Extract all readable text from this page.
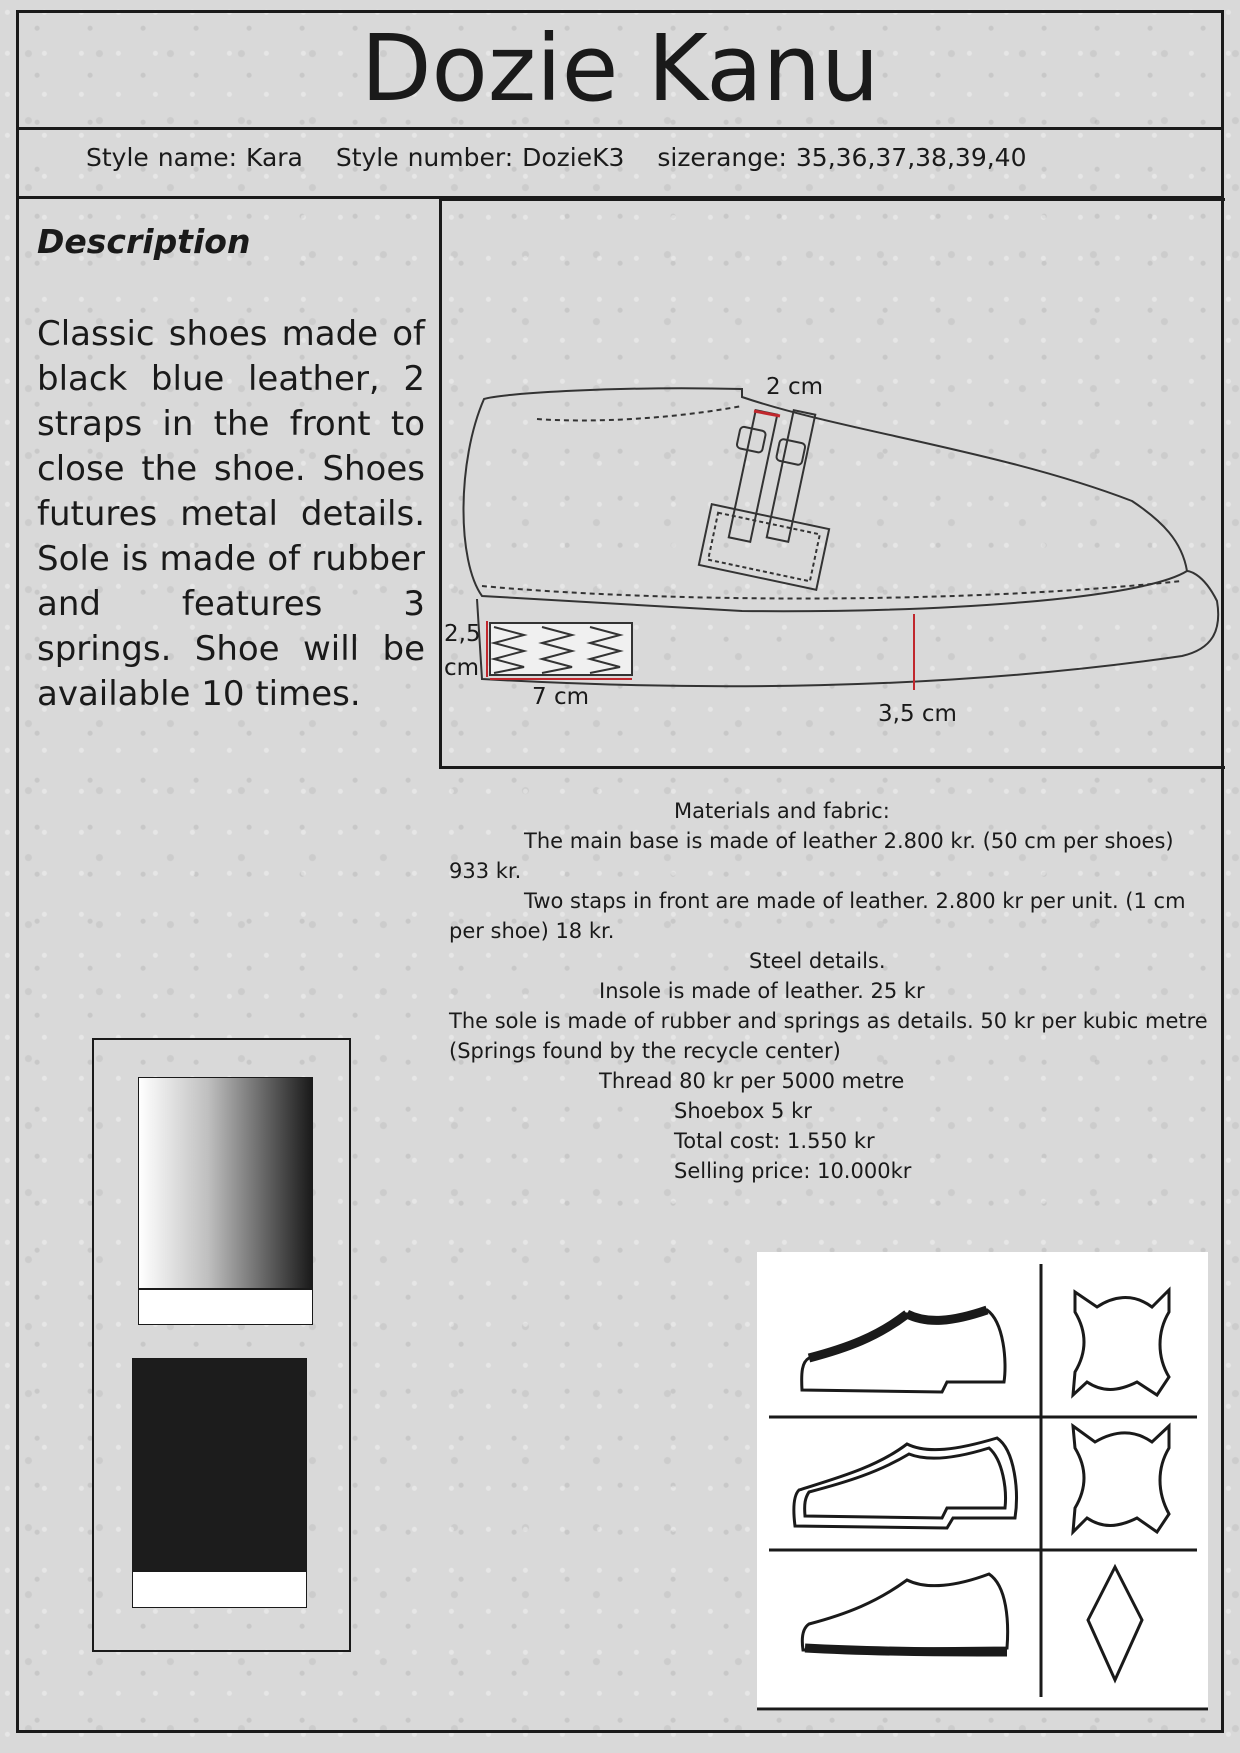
Dozie Kanu
Style name: Kara Style number: DozieK3 sizerange: 35,36,37,38,39,40
Description
Classic shoes made of black blue leather, 2 straps in the front to close the shoe. Shoes futures metal details. Sole is made of rubber and features 3 springs. Shoe will be available 10 times.
2 cm
2,5
cm
7 cm
3,5 cm

Materials and fabric:

The main base is made of leather 2.800 kr. (50 cm per shoes) 933 kr.

Two staps in front are made of leather. 2.800 kr per unit. (1 cm per shoe) 18 kr.

Steel details.

Insole is made of leather. 25 kr

The sole is made of rubber and springs as details. 50 kr per kubic metre (Springs found by the recycle center)

Thread 80 kr per 5000 metre

Shoebox 5 kr

Total cost: 1.550 kr

Selling price: 10.000kr
